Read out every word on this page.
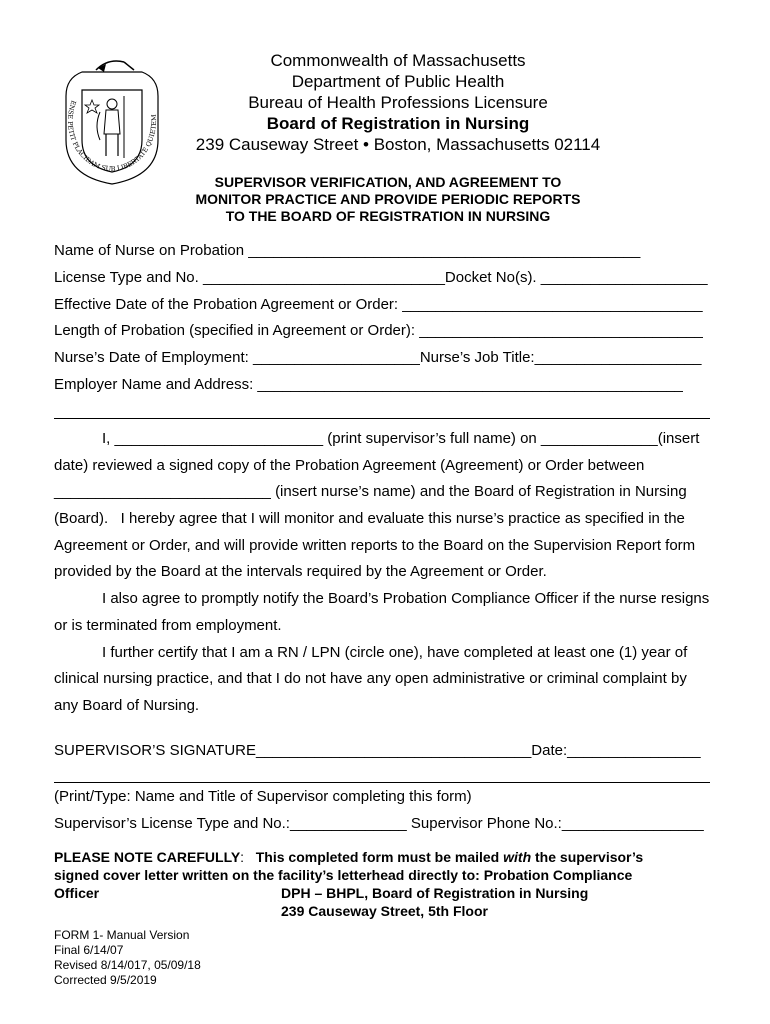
ENSE PETIT PLACIDAM SUB LIBERTATE QUIETEM
Commonwealth of Massachusetts
Department of Public Health
Bureau of Health Professions Licensure
Board of Registration in Nursing
239 Causeway Street • Boston, Massachusetts 02114
SUPERVISOR VERIFICATION, AND AGREEMENT TO
MONITOR PRACTICE AND PROVIDE PERIODIC REPORTS
TO THE BOARD OF REGISTRATION IN NURSING
Name of Nurse on Probation _______________________________________________
License Type and No. _____________________________Docket No(s). ____________________
Effective Date of the Probation Agreement or Order: ____________________________________
Length of Probation (specified in Agreement or Order): __________________________________
Nurse’s Date of Employment: ____________________Nurse’s Job Title:____________________
Employer Name and Address: ___________________________________________________
I, _________________________ (print supervisor’s full name) on ______________(insert
date) reviewed a signed copy of the Probation Agreement (Agreement) or Order between
__________________________ (insert nurse’s name) and the Board of Registration in Nursing
(Board).   I hereby agree that I will monitor and evaluate this nurse’s practice as specified in the
Agreement or Order, and will provide written reports to the Board on the Supervision Report form
provided by the Board at the intervals required by the Agreement or Order.
I also agree to promptly notify the Board’s Probation Compliance Officer if the nurse resigns
or is terminated from employment.
I further certify that I am a RN / LPN (circle one), have completed at least one (1) year of
clinical nursing practice, and that I do not have any open administrative or criminal complaint by
any Board of Nursing.
SUPERVISOR’S SIGNATURE_________________________________Date:________________
(Print/Type: Name and Title of Supervisor completing this form)
Supervisor’s License Type and No.:______________ Supervisor Phone No.:_________________
PLEASE NOTE CAREFULLY: This completed form must be mailed with the supervisor’s
signed cover letter written on the facility’s letterhead directly to: Probation Compliance
Officer	DPH – BHPL, Board of Registration in Nursing
239 Causeway Street, 5th Floor
FORM 1- Manual Version
Final 6/14/07
Revised 8/14/017, 05/09/18
Corrected 9/5/2019
